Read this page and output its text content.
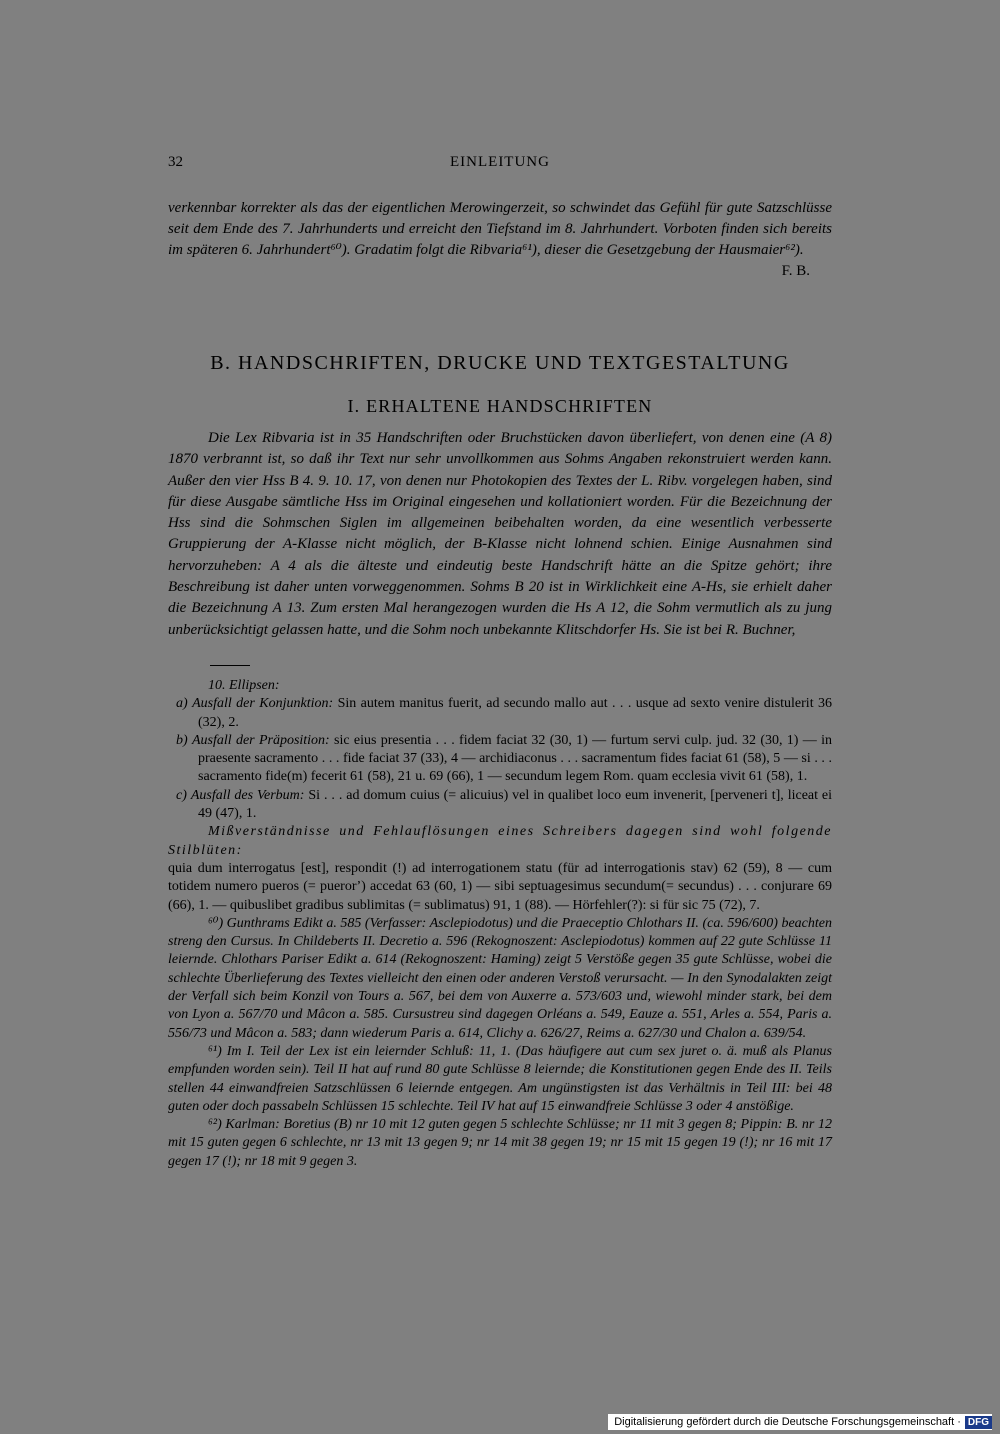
32	EINLEITUNG
verkennbar korrekter als das der eigentlichen Merowingerzeit, so schwindet das Gefühl für gute Satzschlüsse seit dem Ende des 7. Jahrhunderts und erreicht den Tiefstand im 8. Jahrhundert. Vorboten finden sich bereits im späteren 6. Jahrhundert⁶⁰). Gradatim folgt die Ribvaria⁶¹), dieser die Gesetzgebung der Hausmaier⁶²).
F. B.
B. HANDSCHRIFTEN, DRUCKE UND TEXTGESTALTUNG
I. ERHALTENE HANDSCHRIFTEN

Die Lex Ribvaria ist in 35 Handschriften oder Bruchstücken davon überliefert, von denen eine (A 8) 1870 verbrannt ist, so daß ihr Text nur sehr unvollkommen aus Sohms Angaben rekonstruiert werden kann. Außer den vier Hss B 4. 9. 10. 17, von denen nur Photokopien des Textes der L. Ribv. vorgelegen haben, sind für diese Ausgabe sämtliche Hss im Original eingesehen und kollationiert worden. Für die Bezeichnung der Hss sind die Sohmschen Siglen im allgemeinen beibehalten worden, da eine wesentlich verbesserte Gruppierung der A-Klasse nicht möglich, der B-Klasse nicht lohnend schien. Einige Ausnahmen sind hervorzuheben: A 4 als die älteste und eindeutig beste Handschrift hätte an die Spitze gehört; ihre Beschreibung ist daher unten vorweggenommen. Sohms B 20 ist in Wirklichkeit eine A-Hs, sie erhielt daher die Bezeichnung A 13. Zum ersten Mal herangezogen wurden die Hs A 12, die Sohm vermutlich als zu jung unberücksichtigt gelassen hatte, und die Sohm noch unbekannte Klitschdorfer Hs. Sie ist bei R. Buchner,

10. Ellipsen:

a) Ausfall der Konjunktion: Sin autem manitus fuerit, ad secundo mallo aut . . . usque ad sexto venire distulerit 36 (32), 2.

b) Ausfall der Präposition: sic eius presentia . . . fidem faciat 32 (30, 1) — furtum servi culp. jud. 32 (30, 1) — in praesente sacramento . . . fide faciat 37 (33), 4 — archidiaconus . . . sacramentum fides faciat 61 (58), 5 — si . . . sacramento fide(m) fecerit 61 (58), 21 u. 69 (66), 1 — secundum legem Rom. quam ecclesia vivit 61 (58), 1.

c) Ausfall des Verbum: Si . . . ad domum cuius (= alicuius) vel in qualibet loco eum invenerit, [perveneri t], liceat ei 49 (47), 1.

Mißverständnisse und Fehlauflösungen eines Schreibers dagegen sind wohl folgende Stilblüten:

quia dum interrogatus [est], respondit (!) ad interrogationem statu (für ad interrogationis stav) 62 (59), 8 — cum totidem numero pueros (= puerorʼ) accedat 63 (60, 1) — sibi septuagesimus secundum(= secundus) . . . conjurare 69 (66), 1. — quibuslibet gradibus sublimitas (= sublimatus) 91, 1 (88). — Hörfehler(?): si für sic 75 (72), 7.

⁶⁰) Gunthrams Edikt a. 585 (Verfasser: Asclepiodotus) und die Praeceptio Chlothars II. (ca. 596/600) beachten streng den Cursus. In Childeberts II. Decretio a. 596 (Rekognoszent: Asclepiodotus) kommen auf 22 gute Schlüsse 11 leiernde. Chlothars Pariser Edikt a. 614 (Rekognoszent: Haming) zeigt 5 Verstöße gegen 35 gute Schlüsse, wobei die schlechte Überlieferung des Textes vielleicht den einen oder anderen Verstoß verursacht. — In den Synodalakten zeigt der Verfall sich beim Konzil von Tours a. 567, bei dem von Auxerre a. 573/603 und, wiewohl minder stark, bei dem von Lyon a. 567/70 und Mâcon a. 585. Cursustreu sind dagegen Orléans a. 549, Eauze a. 551, Arles a. 554, Paris a. 556/73 und Mâcon a. 583; dann wiederum Paris a. 614, Clichy a. 626/27, Reims a. 627/30 und Chalon a. 639/54.

⁶¹) Im I. Teil der Lex ist ein leiernder Schluß: 11, 1. (Das häufigere aut cum sex juret o. ä. muß als Planus empfunden worden sein). Teil II hat auf rund 80 gute Schlüsse 8 leiernde; die Konstitutionen gegen Ende des II. Teils stellen 44 einwandfreien Satzschlüssen 6 leiernde entgegen. Am ungünstigsten ist das Verhältnis in Teil III: bei 48 guten oder doch passabeln Schlüssen 15 schlechte. Teil IV hat auf 15 einwandfreie Schlüsse 3 oder 4 anstößige.

⁶²) Karlman: Boretius (B) nr 10 mit 12 guten gegen 5 schlechte Schlüsse; nr 11 mit 3 gegen 8; Pippin: B. nr 12 mit 15 guten gegen 6 schlechte, nr 13 mit 13 gegen 9; nr 14 mit 38 gegen 19; nr 15 mit 15 gegen 19 (!); nr 16 mit 17 gegen 17 (!); nr 18 mit 9 gegen 3.

Digitalisierung gefördert durch die Deutsche Forschungsgemeinschaft · DFG
